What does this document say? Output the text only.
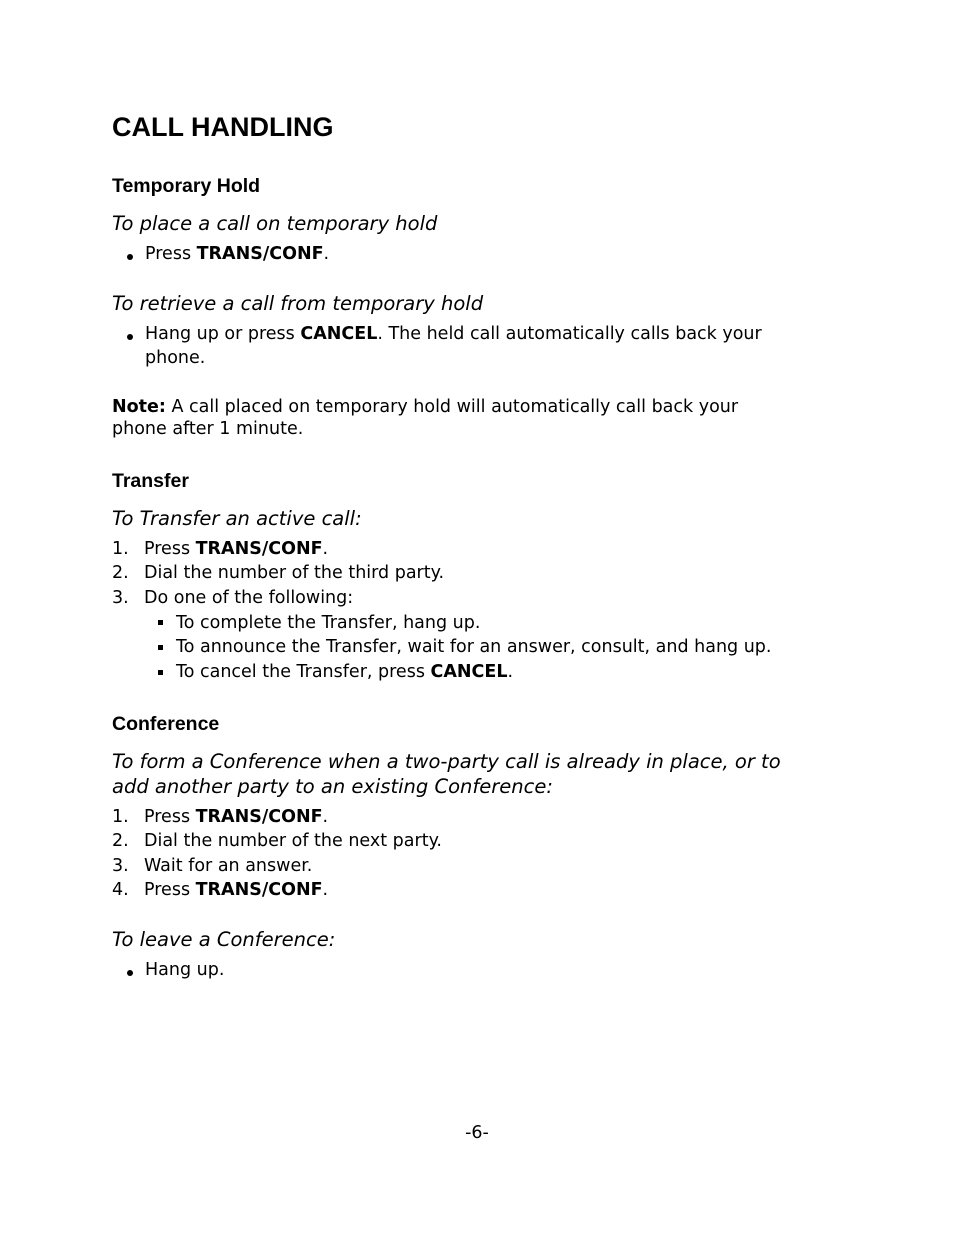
CALL HANDLING
Temporary Hold

To place a call on temporary hold

Press TRANS/CONF.

To retrieve a call from temporary hold

Hang up or press CANCEL. The held call automatically calls back your
phone.
Note: A call placed on temporary hold will automatically call back your
phone after 1 minute.
Transfer

To Transfer an active call:

1. Press TRANS/CONF.
2. Dial the number of the third party.
3. Do one of the following:
To complete the Transfer, hang up.
To announce the Transfer, wait for an answer, consult, and hang up.
To cancel the Transfer, press CANCEL.
Conference

To form a Conference when a two-party call is already in place, or to

add another party to an existing Conference:

1. Press TRANS/CONF.
2. Dial the number of the next party.
3. Wait for an answer.
4. Press TRANS/CONF.

To leave a Conference:

Hang up.
-6-
